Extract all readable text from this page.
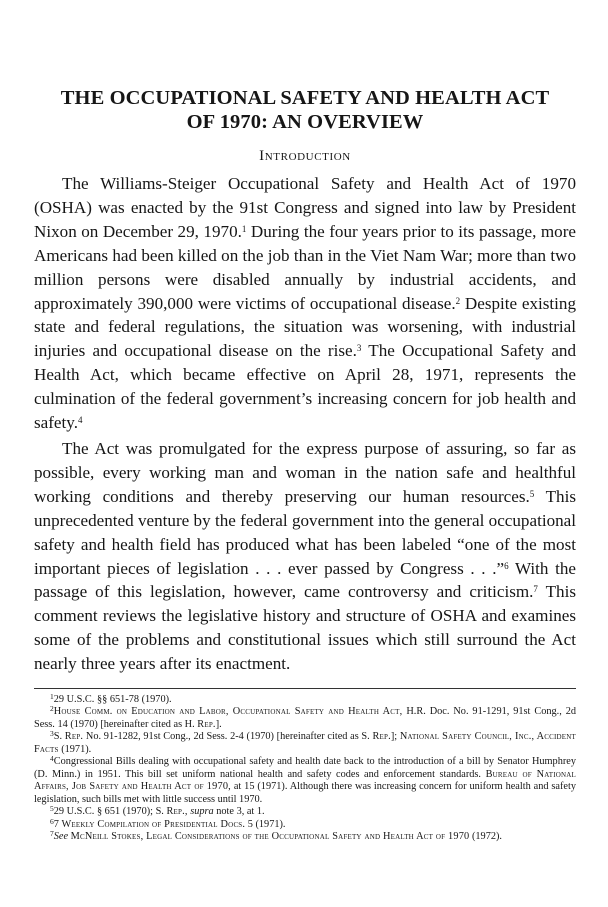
THE OCCUPATIONAL SAFETY AND HEALTH ACT
OF 1970: AN OVERVIEW
Introduction

The Williams-Steiger Occupational Safety and Health Act of 1970 (OSHA) was enacted by the 91st Congress and signed into law by President Nixon on December 29, 1970.$^1$ During the four years prior to its passage, more Americans had been killed on the job than in the Viet Nam War; more than two million persons were disabled annually by industrial accidents, and approximately 390,000 were victims of occupational disease.$^2$ Despite existing state and federal regulations, the situation was worsening, with industrial injuries and occupational disease on the rise.$^3$ The Occupational Safety and Health Act, which became effective on April 28, 1971, represents the culmination of the federal government’s increasing concern for job health and safety.$^4$

The Act was promulgated for the express purpose of assuring, so far as possible, every working man and woman in the nation safe and healthful working conditions and thereby preserving our human resources.$^5$ This unprecedented venture by the federal government into the general occupational safety and health field has produced what has been labeled “one of the most important pieces of legislation . . . ever passed by Congress . . .”$^6$ With the passage of this legislation, however, came controversy and criticism.$^7$ This comment reviews the legislative history and structure of OSHA and examines some of the problems and constitutional issues which still surround the Act nearly three years after its enactment.

$^1$29 U.S.C. §§ 651-78 (1970).
$^2$House Comm. on Education and Labor, Occupational Safety and Health Act, H.R. Doc. No. 91-1291, 91st Cong., 2d Sess. 14 (1970) [hereinafter cited as H. Rep.].
$^3$S. Rep. No. 91-1282, 91st Cong., 2d Sess. 2-4 (1970) [hereinafter cited as S. Rep.]; National Safety Council, Inc., Accident Facts (1971).
$^4$Congressional Bills dealing with occupational safety and health date back to the introduction of a bill by Senator Humphrey (D. Minn.) in 1951. This bill set uniform national health and safety codes and enforcement standards. Bureau of National Affairs, Job Safety and Health Act of 1970, at 15 (1971). Although there was increasing concern for uniform health and safety legislation, such bills met with little success until 1970.
$^5$29 U.S.C. § 651 (1970); S. Rep., supra note 3, at 1.
$^6$7 Weekly Compilation of Presidential Docs. 5 (1971).
$^7$See McNeill Stokes, Legal Considerations of the Occupational Safety and Health Act of 1970 (1972).
